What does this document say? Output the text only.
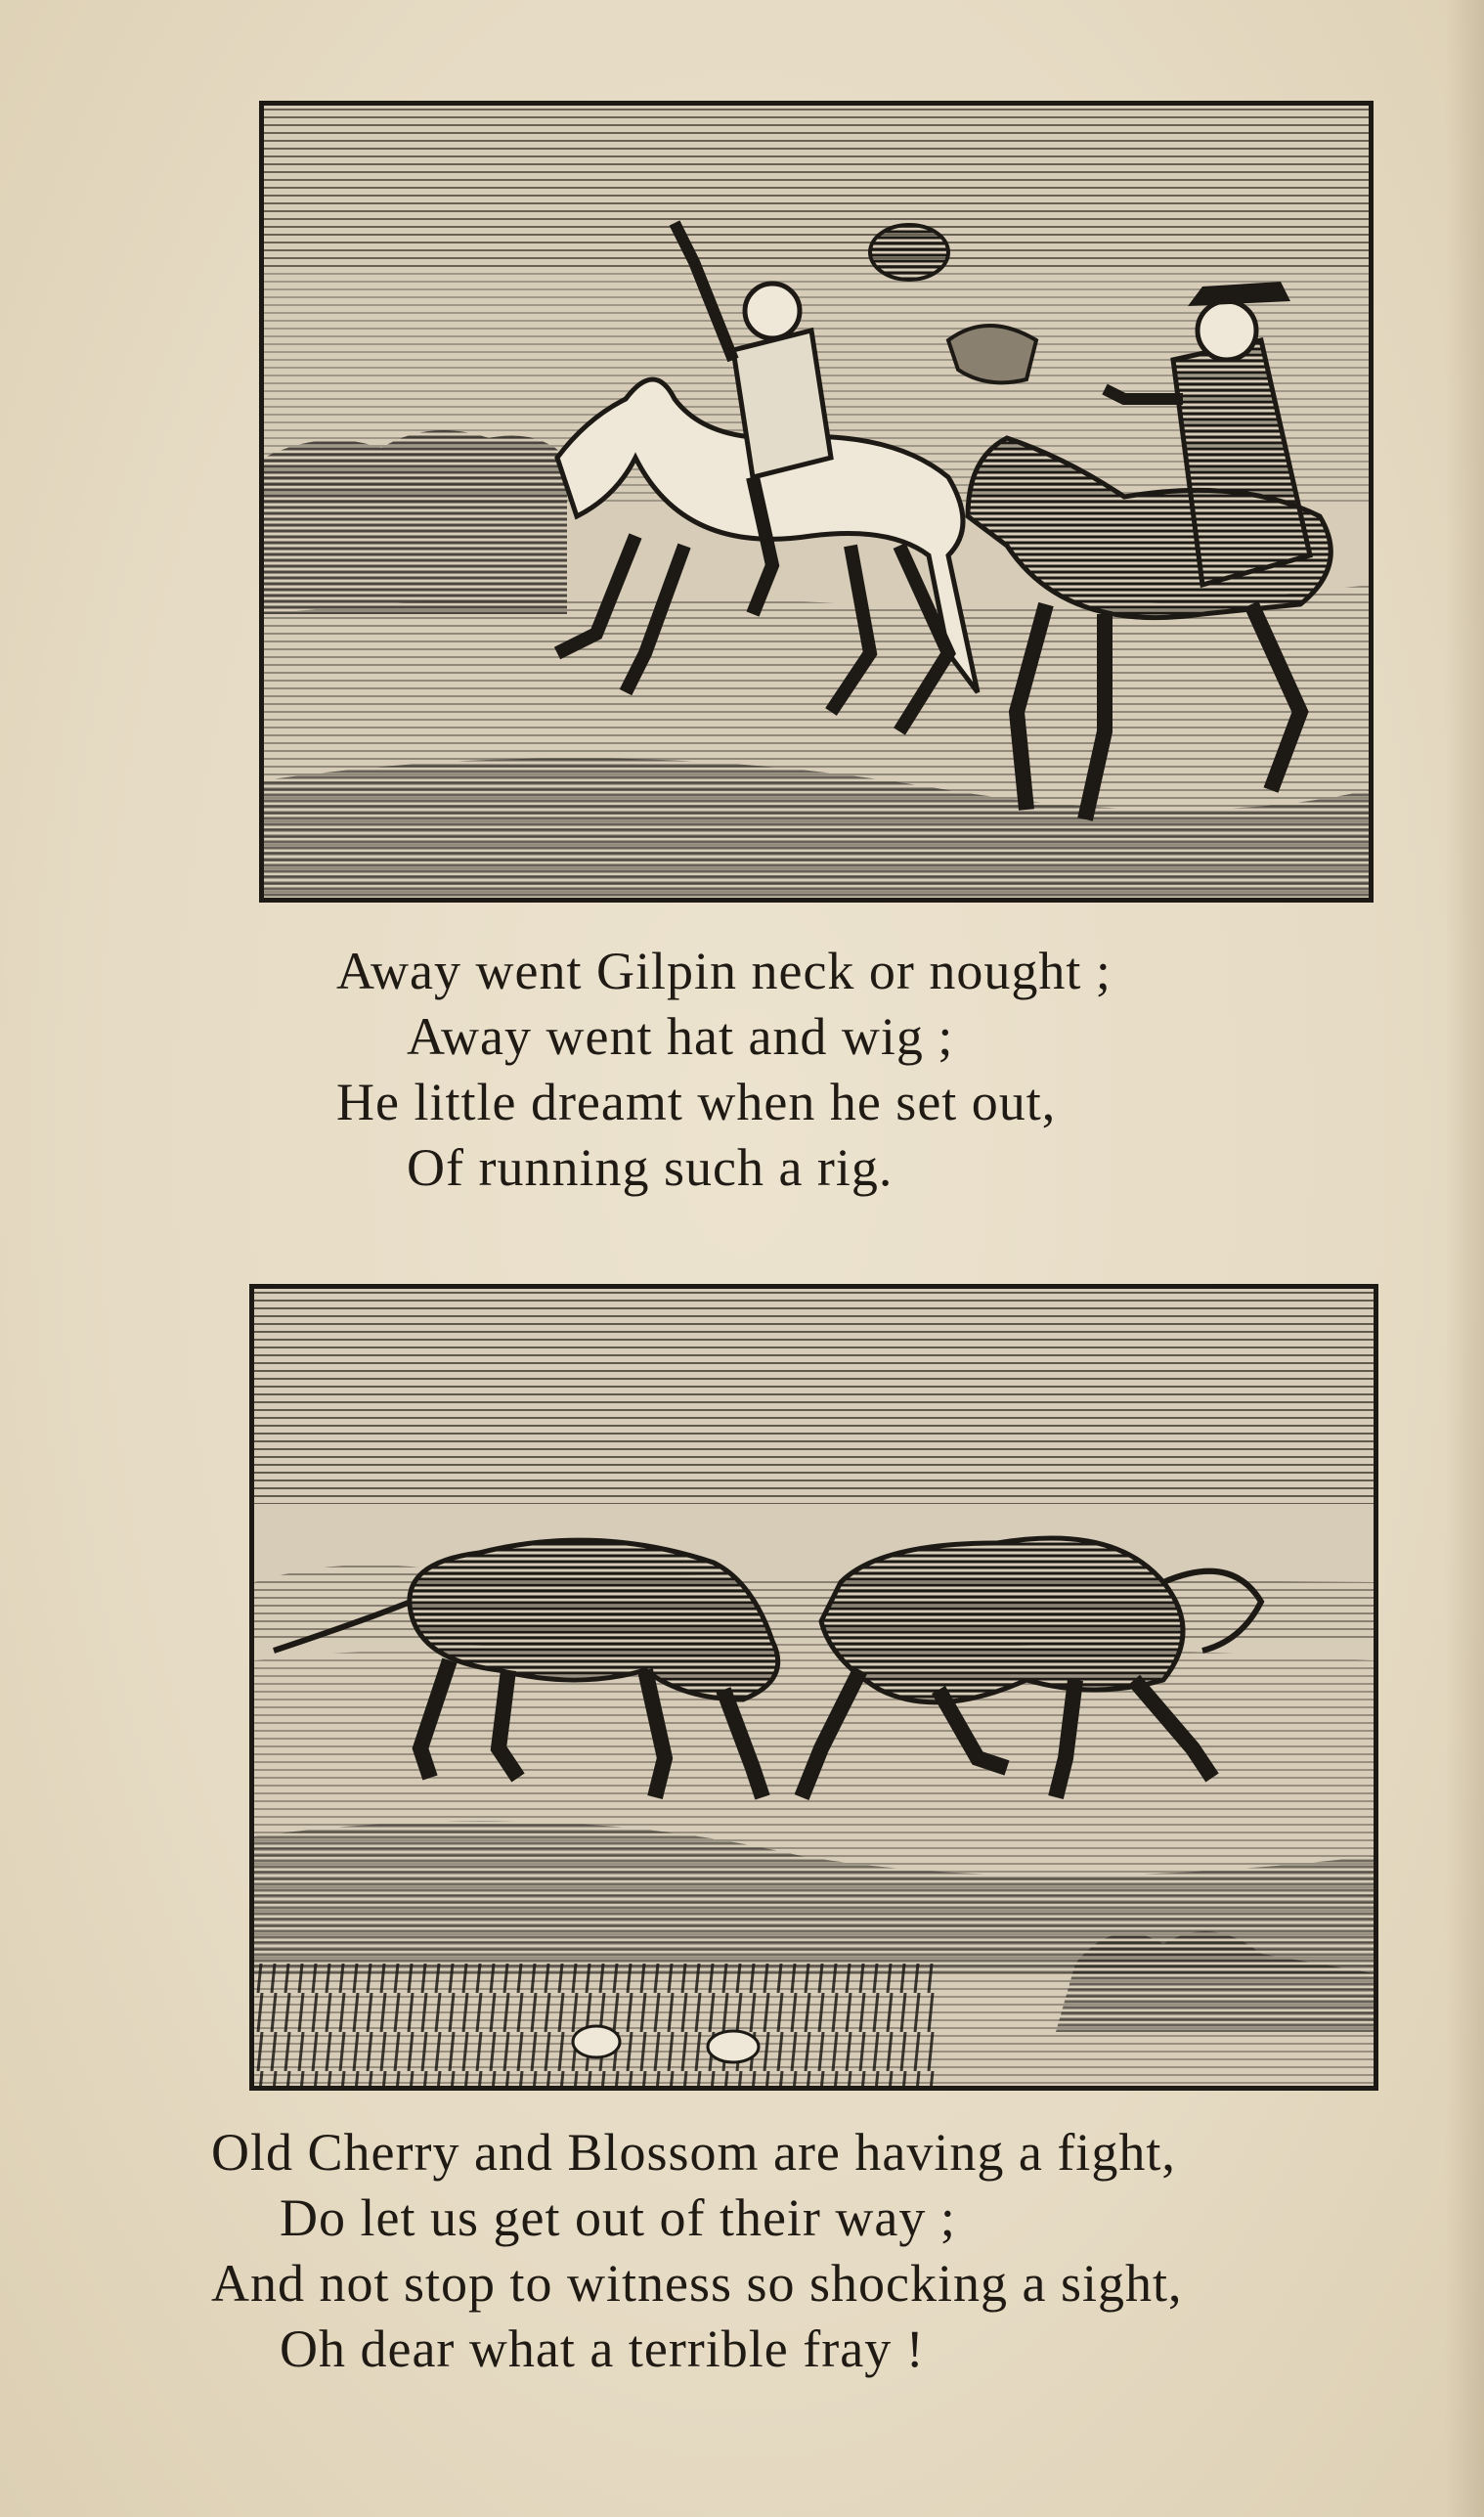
Away went Gilpin neck or nought ;
Away went hat and wig ;
He little dreamt when he set out,
Of running such a rig.
Old Cherry and Blossom are having a fight,
Do let us get out of their way ;
And not stop to witness so shocking a sight,
Oh dear what a terrible fray !
